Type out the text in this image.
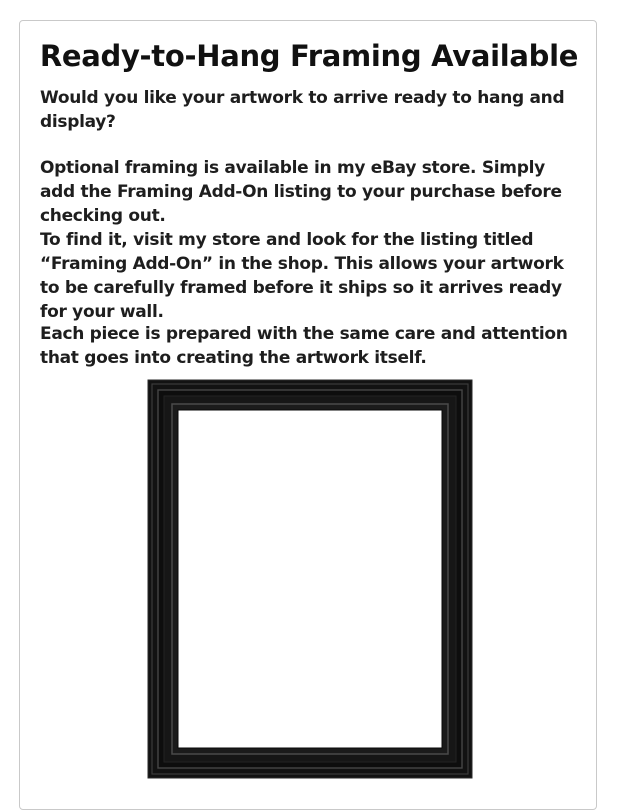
Ready-to-Hang Framing Available

Would you like your artwork to arrive ready to hang and display?

Optional framing is available in my eBay store. Simply add the Framing Add-On listing to your purchase before checking out.

To find it, visit my store and look for the listing titled “Framing Add-On” in the shop. This allows your artwork to be carefully framed before it ships so it arrives ready for your wall.

Each piece is prepared with the same care and attention that goes into creating the artwork itself.
